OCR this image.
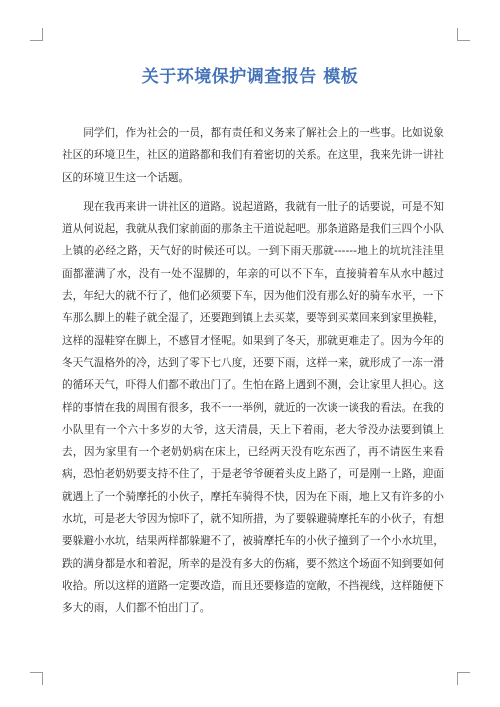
关于环境保护调查报告 模板

同学们，作为社会的一员，都有责任和义务来了解社会上的一些事。比如说象社区的环境卫生，社区的道路都和我们有着密切的关系。在这里，我来先讲一讲社区的环境卫生这一个话题。

现在我再来讲一讲社区的道路。说起道路，我就有一肚子的话要说，可是不知道从何说起，我就从我们家前面的那条主干道说起吧。那条道路是我们三四个小队上镇的必经之路，天气好的时候还可以。一到下雨天那就------地上的坑坑洼洼里面都灌满了水，没有一处不湿脚的，年亲的可以不下车，直接骑着车从水中越过去，年纪大的就不行了，他们必须要下车，因为他们没有那么好的骑车水平，一下车那么脚上的鞋子就全湿了，还要跑到镇上去买菜，要等到买菜回来到家里换鞋，这样的湿鞋穿在脚上，不感冒才怪呢。如果到了冬天，那就更难走了。因为今年的冬天气温格外的冷，达到了零下七八度，还要下雨，这样一来，就形成了一冻一滑的循环天气，吓得人们都不敢出门了。生怕在路上遇到不测，会让家里人担心。这样的事情在我的周围有很多，我不一一举例，就近的一次谈一谈我的看法。在我的小队里有一个六十多岁的大爷，这天清晨，天上下着雨，老大爷没办法要到镇上去，因为家里有一个老奶奶病在床上，已经两天没有吃东西了，再不请医生来看病，恐怕老奶奶要支持不住了，于是老爷爷硬着头皮上路了，可是刚一上路，迎面就遇上了一个骑摩托的小伙子，摩托车骑得不快，因为在下雨，地上又有许多的小水坑，可是老大爷因为惊吓了，就不知所措，为了要躲避骑摩托车的小伙子，有想要躲避小水坑，结果两样都躲避不了，被骑摩托车的小伙子撞到了一个小水坑里，跌的满身都是水和着泥，所幸的是没有多大的伤痛，要不然这个场面不知到要如何收拾。所以这样的道路一定要改造，而且还要修造的宽敞，不挡视线，这样随便下多大的雨，人们都不怕出门了。
